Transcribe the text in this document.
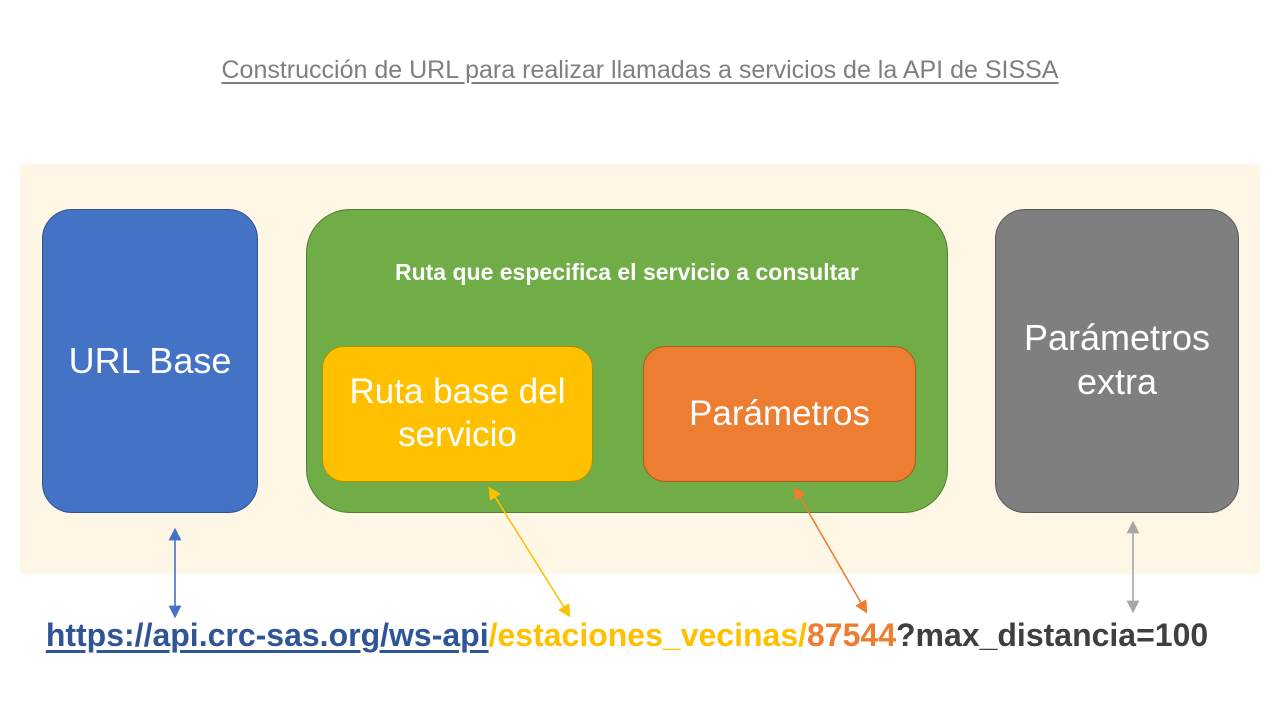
Construcción de URL para realizar llamadas a servicios de la API de SISSA
URL Base
Ruta que especifica el servicio a consultar
Ruta base del servicio
Parámetros
Parámetros extra
https://api.crc-sas.org/ws-api/estaciones_vecinas/87544?max_distancia=100
